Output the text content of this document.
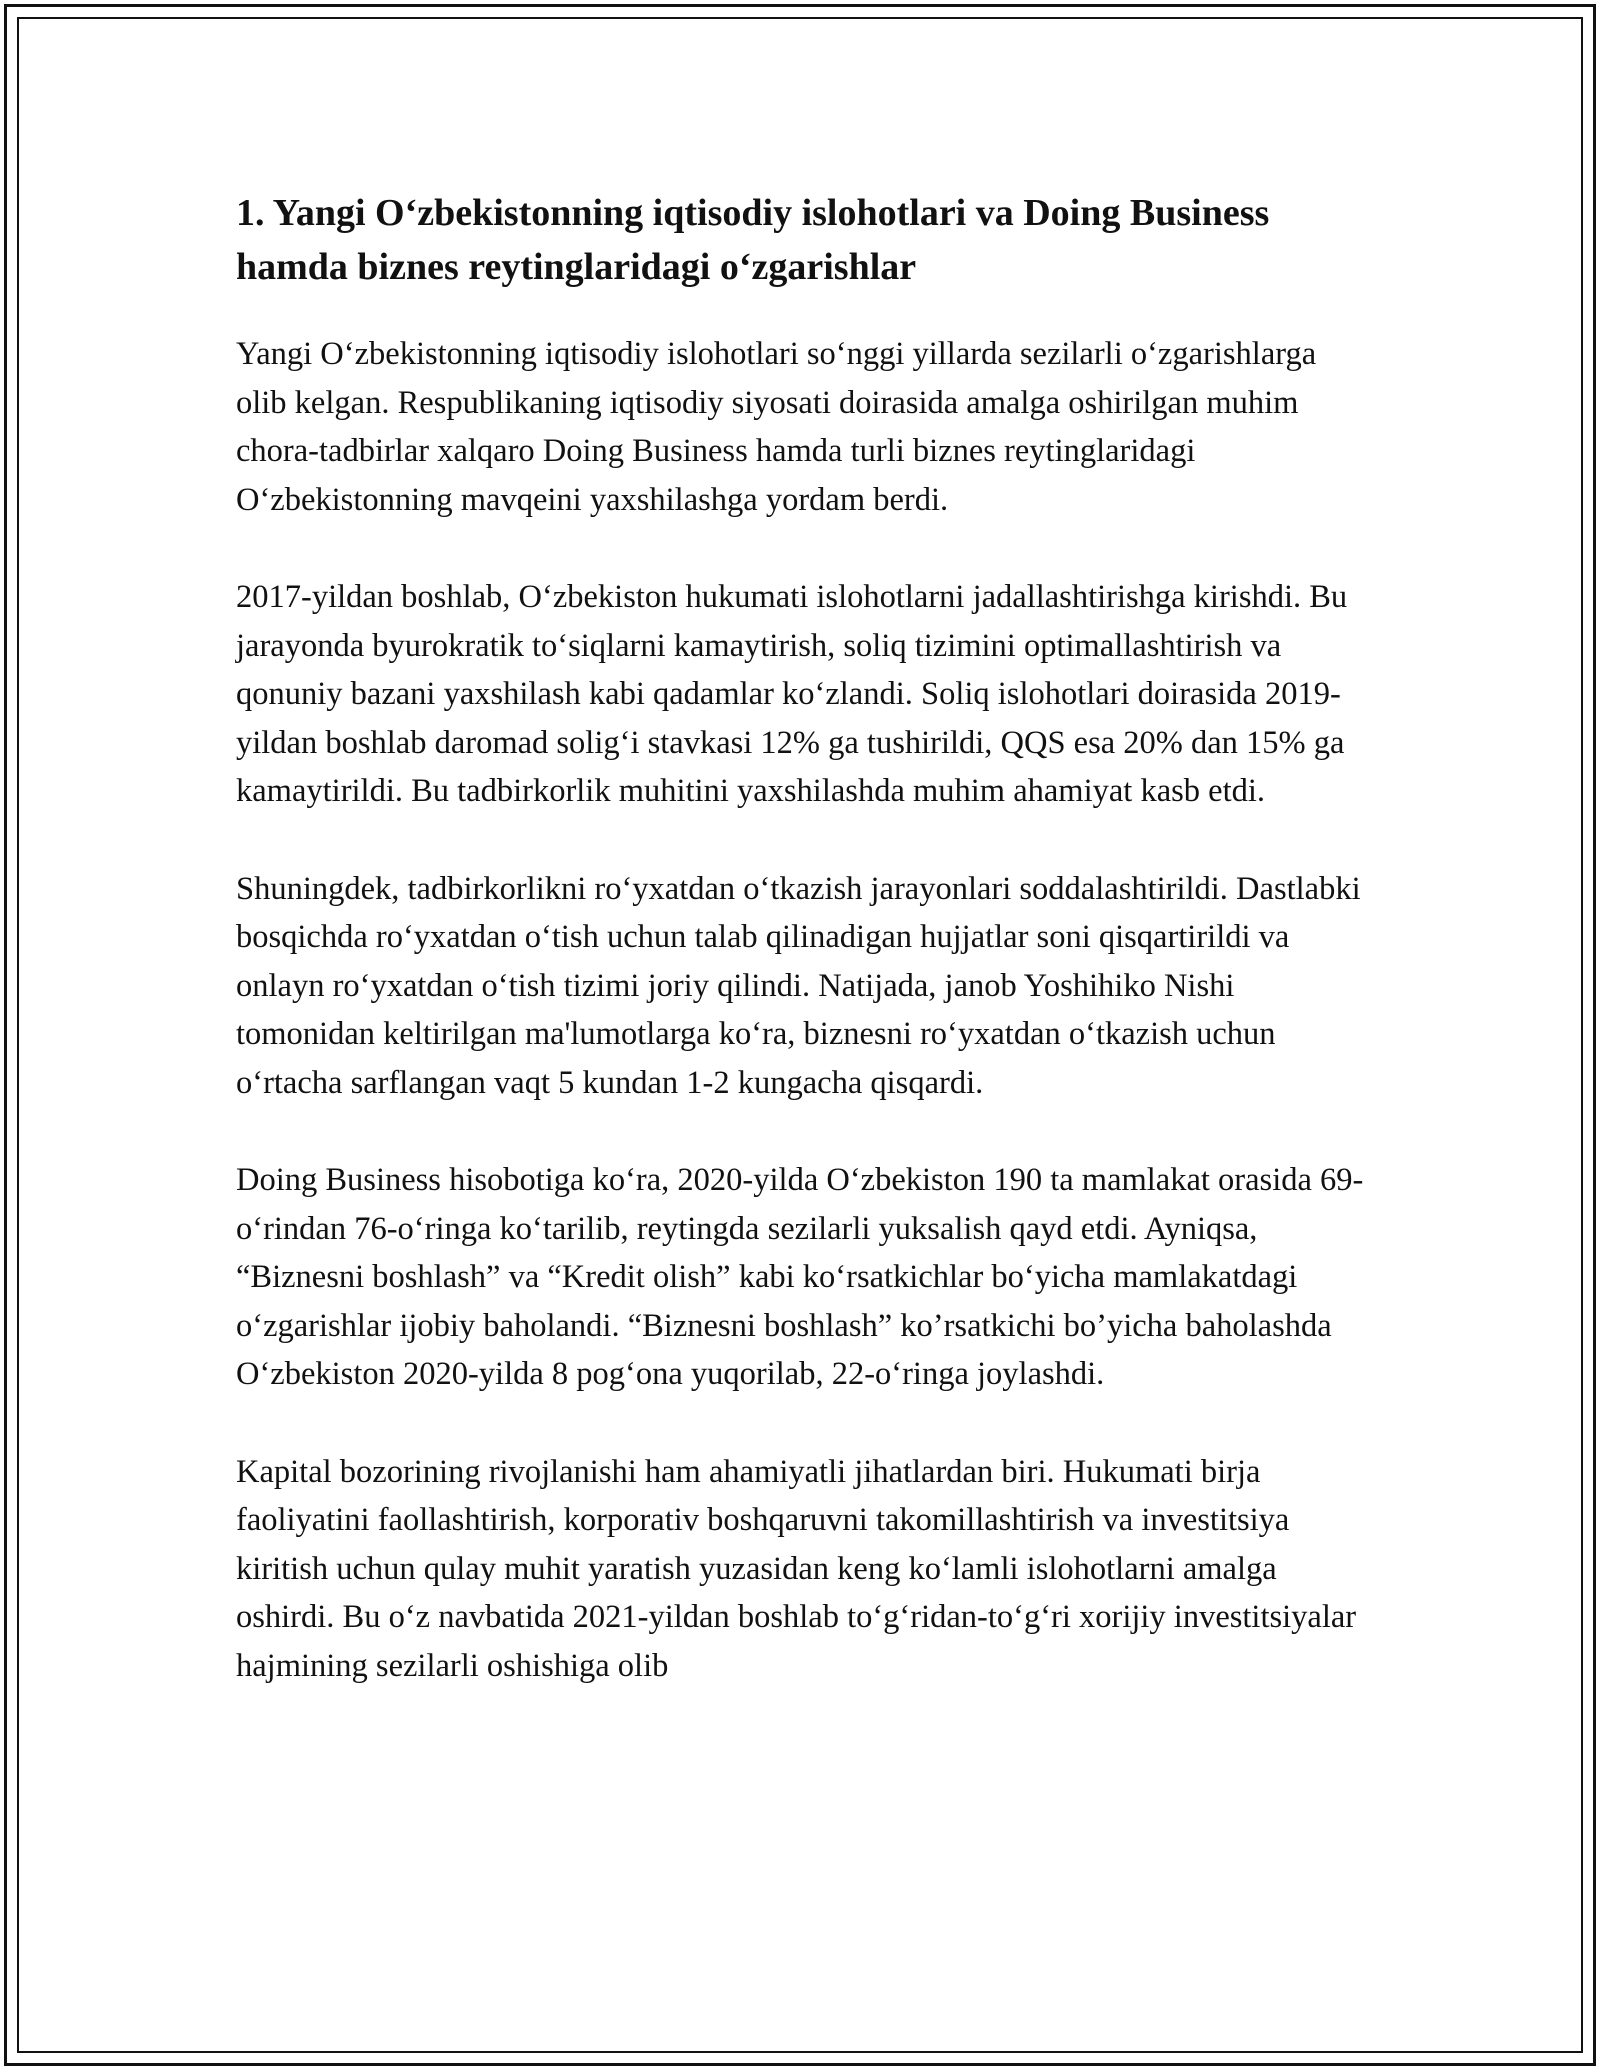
1. Yangi O‘zbekistonning iqtisodiy islohotlari va Doing Business hamda biznes reytinglaridagi o‘zgarishlar

Yangi O‘zbekistonning iqtisodiy islohotlari so‘nggi yillarda sezilarli o‘zgarishlarga olib kelgan. Respublikaning iqtisodiy siyosati doirasida amalga oshirilgan muhim chora-tadbirlar xalqaro Doing Business hamda turli biznes reytinglaridagi O‘zbekistonning mavqeini yaxshilashga yordam berdi.

2017-yildan boshlab, O‘zbekiston hukumati islohotlarni jadallashtirishga kirishdi. Bu jarayonda byurokratik to‘siqlarni kamaytirish, soliq tizimini optimallashtirish va qonuniy bazani yaxshilash kabi qadamlar ko‘zlandi. Soliq islohotlari doirasida 2019-yildan boshlab daromad solig‘i stavkasi 12% ga tushirildi, QQS esa 20% dan 15% ga kamaytirildi. Bu tadbirkorlik muhitini yaxshilashda muhim ahamiyat kasb etdi.

Shuningdek, tadbirkorlikni ro‘yxatdan o‘tkazish jarayonlari soddalashtirildi. Dastlabki bosqichda ro‘yxatdan o‘tish uchun talab qilinadigan hujjatlar soni qisqartirildi va onlayn ro‘yxatdan o‘tish tizimi joriy qilindi. Natijada, janob Yoshihiko Nishi tomonidan keltirilgan ma'lumotlarga ko‘ra, biznesni ro‘yxatdan o‘tkazish uchun o‘rtacha sarflangan vaqt 5 kundan 1-2 kungacha qisqardi.

Doing Business hisobotiga ko‘ra, 2020-yilda O‘zbekiston 190 ta mamlakat orasida 69-o‘rindan 76-o‘ringa ko‘tarilib, reytingda sezilarli yuksalish qayd etdi. Ayniqsa, “Biznesni boshlash” va “Kredit olish” kabi ko‘rsatkichlar bo‘yicha mamlakatdagi o‘zgarishlar ijobiy baholandi. “Biznesni boshlash” ko’rsatkichi bo’yicha baholashda O‘zbekiston 2020-yilda 8 pog‘ona yuqorilab, 22-o‘ringa joylashdi.

Kapital bozorining rivojlanishi ham ahamiyatli jihatlardan biri. Hukumati birja faoliyatini faollashtirish, korporativ boshqaruvni takomillashtirish va investitsiya kiritish uchun qulay muhit yaratish yuzasidan keng ko‘lamli islohotlarni amalga oshirdi. Bu o‘z navbatida 2021-yildan boshlab to‘g‘ridan-to‘g‘ri xorijiy investitsiyalar hajmining sezilarli oshishiga olib
